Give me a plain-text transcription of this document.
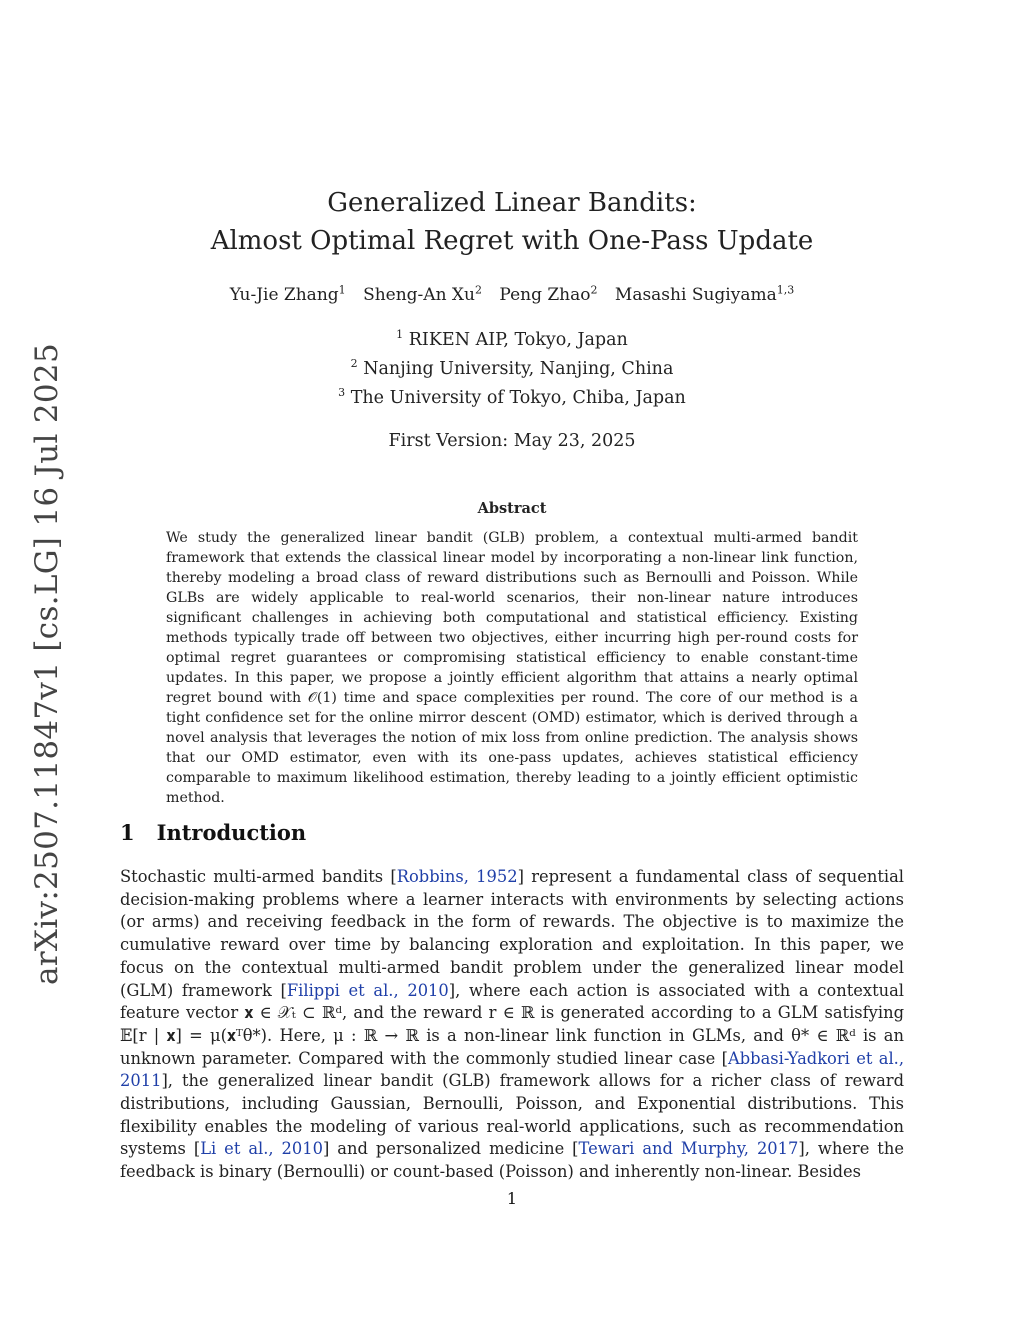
arXiv:2507.11847v1 [cs.LG] 16 Jul 2025
Generalized Linear Bandits:
Almost Optimal Regret with One-Pass Update
Yu-Jie Zhang$^1$ Sheng-An Xu$^2$ Peng Zhao$^2$ Masashi Sugiyama$^{1,3}$
$^1$ RIKEN AIP, Tokyo, Japan
$^2$ Nanjing University, Nanjing, China
$^3$ The University of Tokyo, Chiba, Japan
First Version: May 23, 2025
Abstract
We study the generalized linear bandit (GLB) problem, a contextual multi-armed bandit framework that extends the classical linear model by incorporating a non-linear link function, thereby modeling a broad class of reward distributions such as Bernoulli and Poisson. While GLBs are widely applicable to real-world scenarios, their non-linear nature introduces significant challenges in achieving both computational and statistical efficiency. Existing methods typically trade off between two objectives, either incurring high per-round costs for optimal regret guarantees or compromising statistical efficiency to enable constant-time updates. In this paper, we propose a jointly efficient algorithm that attains a nearly optimal regret bound with 𝒪(1) time and space complexities per round. The core of our method is a tight confidence set for the online mirror descent (OMD) estimator, which is derived through a novel analysis that leverages the notion of mix loss from online prediction. The analysis shows that our OMD estimator, even with its one-pass updates, achieves statistical efficiency comparable to maximum likelihood estimation, thereby leading to a jointly efficient optimistic method.
1 Introduction
Stochastic multi-armed bandits [Robbins, 1952] represent a fundamental class of sequential decision-making problems where a learner interacts with environments by selecting actions (or arms) and receiving feedback in the form of rewards. The objective is to maximize the cumulative reward over time by balancing exploration and exploitation. In this paper, we focus on the contextual multi-armed bandit problem under the generalized linear model (GLM) framework [Filippi et al., 2010], where each action is associated with a contextual feature vector 𝐱 ∈ 𝒳ₜ ⊂ ℝᵈ, and the reward r ∈ ℝ is generated according to a GLM satisfying 𝔼[r | 𝐱] = μ(𝐱ᵀθ*). Here, μ : ℝ → ℝ is a non-linear link function in GLMs, and θ* ∈ ℝᵈ is an unknown parameter. Compared with the commonly studied linear case [Abbasi-Yadkori et al., 2011], the generalized linear bandit (GLB) framework allows for a richer class of reward distributions, including Gaussian, Bernoulli, Poisson, and Exponential distributions. This flexibility enables the modeling of various real-world applications, such as recommendation systems [Li et al., 2010] and personalized medicine [Tewari and Murphy, 2017], where the feedback is binary (Bernoulli) or count-based (Poisson) and inherently non-linear. Besides
1
